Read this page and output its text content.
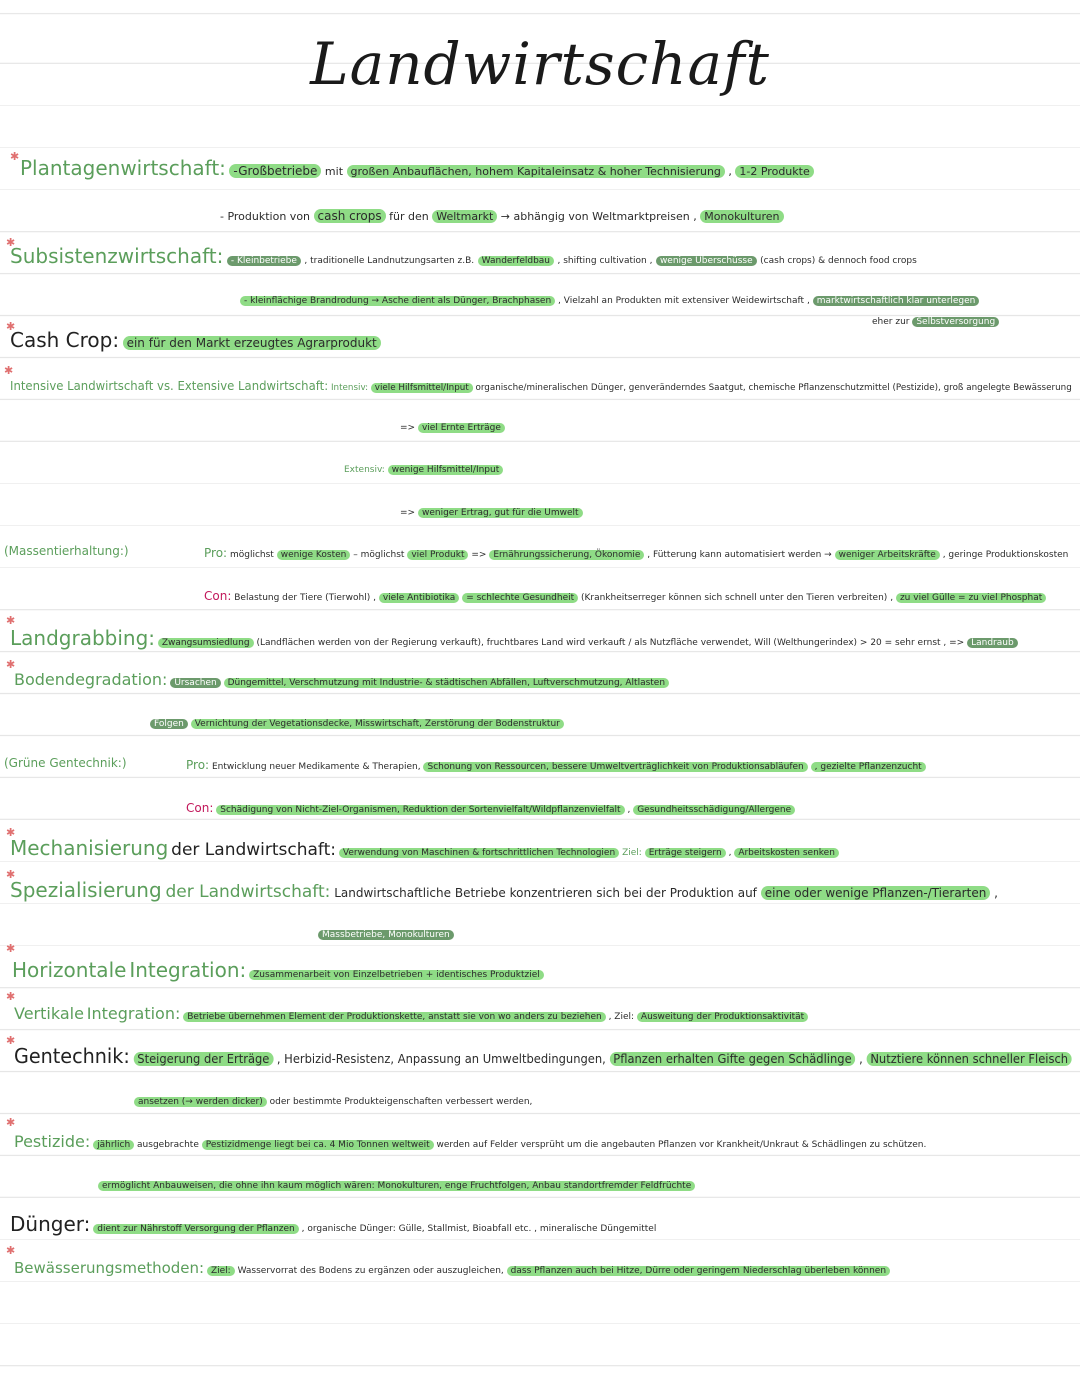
Landwirtschaft
✱ Plantagenwirtschaft: -Großbetriebe mit großen Anbauflächen, hohem Kapitaleinsatz & hoher Technisierung , 1-2 Produkte
- Produktion von cash crops für den Weltmarkt → abhängig von Weltmarktpreisen , Monokulturen
✱
Subsistenzwirtschaft: - Kleinbetriebe , traditionelle Landnutzungsarten z.B. Wanderfeldbau , shifting cultivation , wenige Überschüsse (cash crops) & dennoch food crops
- kleinflächige Brandrodung → Asche dient als Dünger, Brachphasen , Vielzahl an Produkten mit extensiver Weidewirtschaft , marktwirtschaftlich klar unterlegen
eher zur Selbstversorgung
✱
Cash Crop: ein für den Markt erzeugtes Agrarprodukt
✱
Intensive Landwirtschaft vs. Extensive Landwirtschaft: Intensiv: viele Hilfsmittel/Input organische/mineralischen Dünger, genveränderndes Saatgut, chemische Pflanzenschutzmittel (Pestizide), groß angelegte Bewässerung
=> viel Ernte Erträge
Extensiv: wenige Hilfsmittel/Input
=> weniger Ertrag, gut für die Umwelt
(Massentierhaltung:)	Pro: möglichst wenige Kosten – möglichst viel Produkt => Ernährungssicherung, Ökonomie , Fütterung kann automatisiert werden → weniger Arbeitskräfte , geringe Produktionskosten
Con: Belastung der Tiere (Tierwohl) , viele Antibiotika = schlechte Gesundheit (Krankheitserreger können sich schnell unter den Tieren verbreiten) , zu viel Gülle = zu viel Phosphat
✱
Landgrabbing: Zwangsumsiedlung (Landflächen werden von der Regierung verkauft), fruchtbares Land wird verkauft / als Nutzfläche verwendet, Will (Welthungerindex) > 20 = sehr ernst , => Landraub
✱
Bodendegradation: Ursachen Düngemittel, Verschmutzung mit Industrie- & städtischen Abfällen, Luftverschmutzung, Altlasten
Folgen Vernichtung der Vegetationsdecke, Misswirtschaft, Zerstörung der Bodenstruktur
(Grüne Gentechnik:)	Pro: Entwicklung neuer Medikamente & Therapien, Schonung von Ressourcen, bessere Umweltverträglichkeit von Produktionsabläufen , gezielte Pflanzenzucht
Con: Schädigung von Nicht-Ziel-Organismen, Reduktion der Sortenvielfalt/Wildpflanzenvielfalt , Gesundheitsschädigung/Allergene
✱
Mechanisierung der Landwirtschaft: Verwendung von Maschinen & fortschrittlichen Technologien Ziel: Erträge steigern , Arbeitskosten senken
✱
Spezialisierung der Landwirtschaft: Landwirtschaftliche Betriebe konzentrieren sich bei der Produktion auf eine oder wenige Pflanzen-/Tierarten ,
Massbetriebe, Monokulturen
✱
Horizontale Integration: Zusammenarbeit von Einzelbetrieben + identisches Produktziel
✱
Vertikale Integration: Betriebe übernehmen Element der Produktionskette, anstatt sie von wo anders zu beziehen , Ziel: Ausweitung der Produktionsaktivität
✱
Gentechnik: Steigerung der Erträge , Herbizid-Resistenz, Anpassung an Umweltbedingungen, Pflanzen erhalten Gifte gegen Schädlinge , Nutztiere können schneller Fleisch
ansetzen (→ werden dicker) oder bestimmte Produkteigenschaften verbessert werden,
✱
Pestizide: jährlich ausgebrachte Pestizidmenge liegt bei ca. 4 Mio Tonnen weltweit werden auf Felder versprüht um die angebauten Pflanzen vor Krankheit/Unkraut & Schädlingen zu schützen.
ermöglicht Anbauweisen, die ohne ihn kaum möglich wären: Monokulturen, enge Fruchtfolgen, Anbau standortfremder Feldfrüchte
Dünger: dient zur Nährstoff Versorgung der Pflanzen , organische Dünger: Gülle, Stallmist, Bioabfall etc. , mineralische Düngemittel
✱
Bewässerungsmethoden: Ziel: Wasservorrat des Bodens zu ergänzen oder auszugleichen, dass Pflanzen auch bei Hitze, Dürre oder geringem Niederschlag überleben können
